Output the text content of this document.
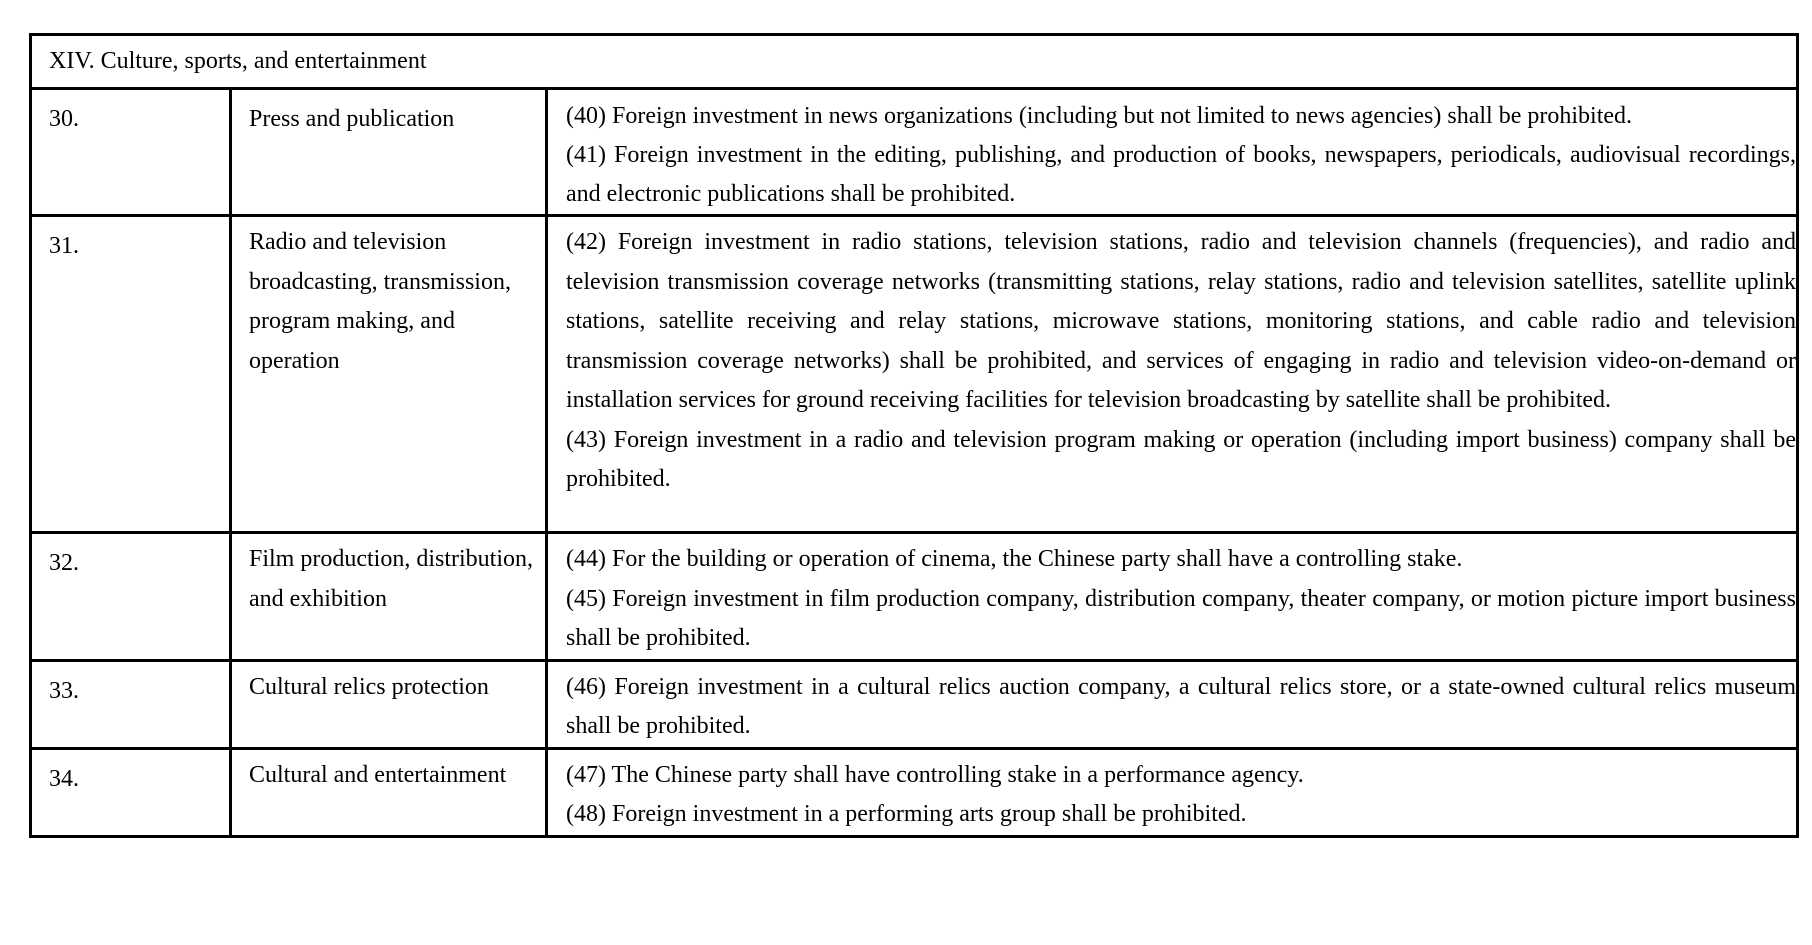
XIV. Culture, sports, and entertainment		
30.	Press and publication	(40) Foreign investment in news organizations (including but not limited to news agencies) shall be prohibited.

(41) Foreign investment in the editing, publishing, and production of books, newspapers, periodicals, audiovisual recordings, and electronic publications shall be prohibited.

31.	Radio and television broadcasting, transmission, program making, and operation	(42) Foreign investment in radio stations, television stations, radio and television channels (frequencies), and radio and television transmission coverage networks (transmitting stations, relay stations, radio and television satellites, satellite uplink stations, satellite receiving and relay stations, microwave stations, monitoring stations, and cable radio and television transmission coverage networks) shall be prohibited, and services of engaging in radio and television video-on-demand or installation services for ground receiving facilities for television broadcasting by satellite shall be prohibited.

(43) Foreign investment in a radio and television program making or operation (including import business) company shall be prohibited.

32.	Film production, distribution, and exhibition	(44) For the building or operation of cinema, the Chinese party shall have a controlling stake.

(45) Foreign investment in film production company, distribution company, theater company, or motion picture import business shall be prohibited.

33.	Cultural relics protection	(46) Foreign investment in a cultural relics auction company, a cultural relics store, or a state-owned cultural relics museum shall be prohibited.

34.	Cultural and entertainment	(47) The Chinese party shall have controlling stake in a performance agency.

(48) Foreign investment in a performing arts group shall be prohibited.
